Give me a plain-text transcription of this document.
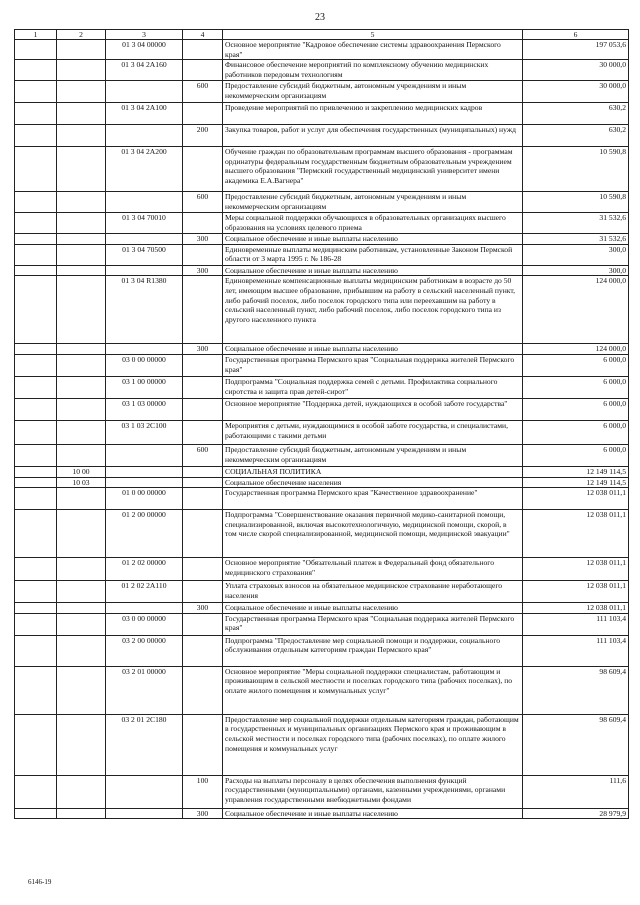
23
1	2	3	4	5	6
		01 3 04 00000		Основное мероприятие "Кадровое обеспечение системы здравоохранения Пермского края"	197 053,6
		01 3 04 2А160		Финансовое обеспечение мероприятий по комплексному обучению медицинских работников передовым технологиям	30 000,0
			600	Предоставление субсидий бюджетным, автономным учреждениям и иным некоммерческим организациям	30 000,0
		01 3 04 2А100		Проведение мероприятий по привлечению и закреплению медицинских кадров	630,2
			200	Закупка товаров, работ и услуг для обеспечения государственных (муниципальных) нужд	630,2
		01 3 04 2А200		Обучение граждан по образовательным программам высшего образования - программам ординатуры федеральным государственным бюджетным образовательным учреждением высшего образования "Пермский государственный медицинский университет имени академика Е.А.Вагнера"	10 590,8
			600	Предоставление субсидий бюджетным, автономным учреждениям и иным некоммерческим организациям	10 590,8
		01 3 04 70010		Меры социальной поддержки обучающихся в образовательных организациях высшего образования на условиях целевого приема	31 532,6
			300	Социальное обеспечение и иные выплаты населению	31 532,6
		01 3 04 70500		Единовременные выплаты медицинским работникам, установленные Законом Пермской области от 3 марта 1995 г. № 186-28	300,0
			300	Социальное обеспечение и иные выплаты населению	300,0
		01 3 04 R1380		Единовременные компенсационные выплаты медицинским работникам в возрасте до 50 лет, имеющим высшее образование, прибывшим на работу в сельский населенный пункт, либо рабочий поселок, либо поселок городского типа или переехавшим на работу в сельский населенный пункт, либо рабочий поселок, либо поселок городского типа из другого населенного пункта	124 000,0
			300	Социальное обеспечение и иные выплаты населению	124 000,0
		03 0 00 00000		Государственная программа Пермского края "Социальная поддержка жителей Пермского края"	6 000,0
		03 1 00 00000		Подпрограмма "Социальная поддержка семей с детьми. Профилактика социального сиротства и защита прав детей-сирот"	6 000,0
		03 1 03 00000		Основное мероприятие "Поддержка детей, нуждающихся в особой заботе государства"	6 000,0
		03 1 03 2С100		Мероприятия с детьми, нуждающимися в особой заботе государства, и специалистами, работающими с такими детьми	6 000,0
			600	Предоставление субсидий бюджетным, автономным учреждениям и иным некоммерческим организациям	6 000,0
	10 00			СОЦИАЛЬНАЯ ПОЛИТИКА	12 149 114,5
	10 03			Социальное обеспечение населения	12 149 114,5
		01 0 00 00000		Государственная программа Пермского края "Качественное здравоохранение"	12 038 011,1
		01 2 00 00000		Подпрограмма "Совершенствование оказания первичной медико-санитарной помощи, специализированной, включая высокотехнологичную, медицинской помощи, скорой, в том числе скорой специализированной, медицинской помощи, медицинской эвакуации"	12 038 011,1
		01 2 02 00000		Основное мероприятие "Обязательный платеж в Федеральный фонд обязательного медицинского страхования"	12 038 011,1
		01 2 02 2А110		Уплата страховых взносов на обязательное медицинское страхование неработающего населения	12 038 011,1
			300	Социальное обеспечение и иные выплаты населению	12 038 011,1
		03 0 00 00000		Государственная программа Пермского края "Социальная поддержка жителей Пермского края"	111 103,4
		03 2 00 00000		Подпрограмма "Предоставление мер социальной помощи и поддержки, социального обслуживания отдельным категориям граждан Пермского края"	111 103,4
		03 2 01 00000		Основное мероприятие "Меры социальной поддержки специалистам, работающим и проживающим в сельской местности и поселках городского типа (рабочих поселках), по оплате жилого помещения и коммунальных услуг"	98 609,4
		03 2 01 2С180		Предоставление мер социальной поддержки отдельным категориям граждан, работающим в государственных и муниципальных организациях Пермского края и проживающим в сельской местности и поселках городского типа (рабочих поселках), по оплате жилого помещения и коммунальных услуг	98 609,4
			100	Расходы на выплаты персоналу в целях обеспечения выполнения функций государственными (муниципальными) органами, казенными учреждениями, органами управления государственными внебюджетными фондами	111,6
			300	Социальное обеспечение и иные выплаты населению	28 979,9
6146-19
